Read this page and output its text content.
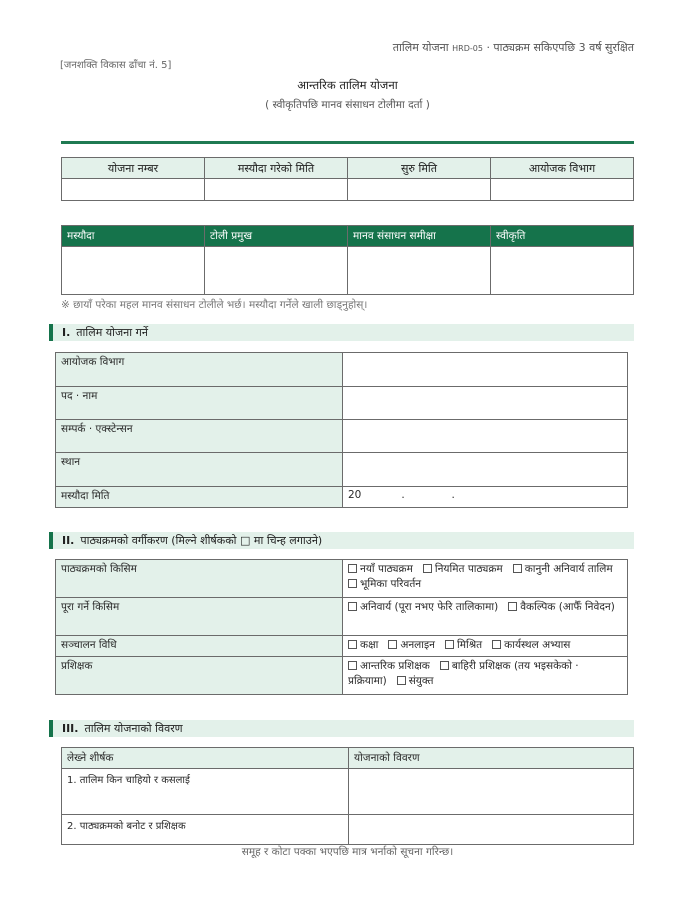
तालिम योजना HRD-05 · पाठ्यक्रम सकिएपछि 3 वर्ष सुरक्षित
[जनशक्ति विकास ढाँचा नं. 5]
आन्तरिक तालिम योजना
( स्वीकृतिपछि मानव संसाधन टोलीमा दर्ता )
योजना नम्बर	मस्यौदा गरेको मिति	सुरु मिति	आयोजक विभाग

मस्यौदा	टोली प्रमुख	मानव संसाधन समीक्षा	स्वीकृति

※ छायाँ परेका महल मानव संसाधन टोलीले भर्छ। मस्यौदा गर्नेले खाली छाड्नुहोस्।
I. तालिम योजना गर्ने
आयोजक विभाग	
पद · नाम	
सम्पर्क · एक्स्टेन्सन	
स्थान	
मस्यौदा मिति	20            .              .
II. पाठ्यक्रमको वर्गीकरण (मिल्ने शीर्षकको □ मा चिन्ह लगाउने)
पाठ्यक्रमको किसिम	नयाँ पाठ्यक्रम नियमित पाठ्यक्रम कानुनी अनिवार्य तालिम   भूमिका परिवर्तन
पूरा गर्ने किसिम	अनिवार्य (पूरा नभए फेरि तालिकामा) वैकल्पिक (आफैँ निवेदन)
सञ्चालन विधि	कक्षा अनलाइन मिश्रित कार्यस्थल अभ्यास
प्रशिक्षक	आन्तरिक प्रशिक्षक बाहिरी प्रशिक्षक (तय भइसकेको · प्रक्रियामा) संयुक्त
III. तालिम योजनाको विवरण
लेख्ने शीर्षक	योजनाको विवरण
1. तालिम किन चाहियो र कसलाई	
2. पाठ्यक्रमको बनोट र प्रशिक्षक	
समूह र कोटा पक्का भएपछि मात्र भर्नाको सूचना गरिन्छ।
